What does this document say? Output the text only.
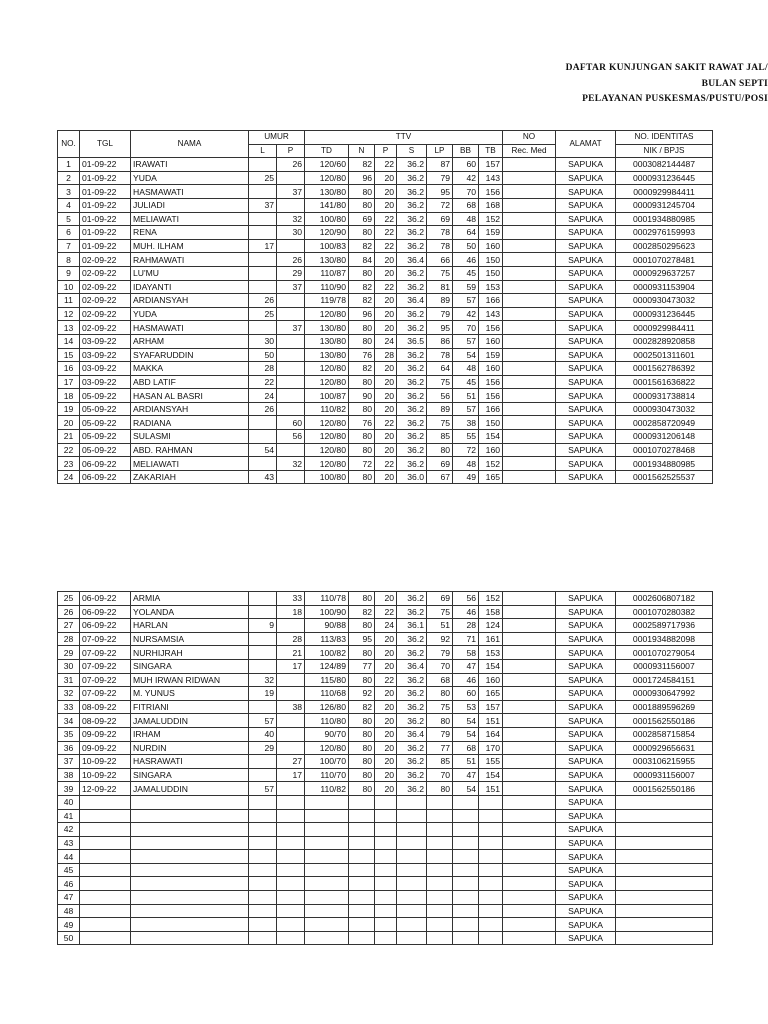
DAFTAR KUNJUNGAN SAKIT RAWAT JAL/
BULAN SEPTI
PELAYANAN PUSKESMAS/PUSTU/POSI
NO.	TGL	NAMA	UMUR		TTV							NO	ALAMAT	NO. IDENTITAS
			L	P	TD	N	P	S	LP	BB	TB	Rec. Med		NIK / BPJS
1	01-09-22	IRAWATI		26	120/60	82	22	36.2	87	60	157		SAPUKA	0003082144487
2	01-09-22	YUDA	25		120/80	96	20	36.2	79	42	143		SAPUKA	0000931236445
3	01-09-22	HASMAWATI		37	130/80	80	20	36.2	95	70	156		SAPUKA	0000929984411
4	01-09-22	JULIADI	37		141/80	80	20	36.2	72	68	168		SAPUKA	0000931245704
5	01-09-22	MELIAWATI		32	100/80	69	22	36.2	69	48	152		SAPUKA	0001934880985
6	01-09-22	RENA		30	120/90	80	22	36.2	78	64	159		SAPUKA	0002976159993
7	01-09-22	MUH. ILHAM	17		100/83	82	22	36.2	78	50	160		SAPUKA	0002850295623
8	02-09-22	RAHMAWATI		26	130/80	84	20	36.4	66	46	150		SAPUKA	0001070278481
9	02-09-22	LU'MU		29	110/87	80	20	36.2	75	45	150		SAPUKA	0000929637257
10	02-09-22	IDAYANTI		37	110/90	82	22	36.2	81	59	153		SAPUKA	0000931153904
11	02-09-22	ARDIANSYAH	26		119/78	82	20	36.4	89	57	166		SAPUKA	0000930473032
12	02-09-22	YUDA	25		120/80	96	20	36.2	79	42	143		SAPUKA	0000931236445
13	02-09-22	HASMAWATI		37	130/80	80	20	36.2	95	70	156		SAPUKA	0000929984411
14	03-09-22	ARHAM	30		130/80	80	24	36.5	86	57	160		SAPUKA	0002828920858
15	03-09-22	SYAFARUDDIN	50		130/80	76	28	36.2	78	54	159		SAPUKA	0002501311601
16	03-09-22	MAKKA	28		120/80	82	20	36.2	64	48	160		SAPUKA	0001562786392
17	03-09-22	ABD LATIF	22		120/80	80	20	36.2	75	45	156		SAPUKA	0001561636822
18	05-09-22	HASAN AL BASRI	24		100/87	90	20	36.2	56	51	156		SAPUKA	0000931738814
19	05-09-22	ARDIANSYAH	26		110/82	80	20	36.2	89	57	166		SAPUKA	0000930473032
20	05-09-22	RADIANA		60	120/80	76	22	36.2	75	38	150		SAPUKA	0002858720949
21	05-09-22	SULASMI		56	120/80	80	20	36.2	85	55	154		SAPUKA	0000931206148
22	05-09-22	ABD. RAHMAN	54		120/80	80	20	36.2	80	72	160		SAPUKA	0001070278468
23	06-09-22	MELIAWATI		32	120/80	72	22	36.2	69	48	152		SAPUKA	0001934880985
24	06-09-22	ZAKARIAH	43		100/80	80	20	36.0	67	49	165		SAPUKA	0001562525537
25	06-09-22	ARMIA		33	110/78	80	20	36.2	69	56	152		SAPUKA	0002606807182
26	06-09-22	YOLANDA		18	100/90	82	22	36.2	75	46	158		SAPUKA	0001070280382
27	06-09-22	HARLAN	9		90/88	80	24	36.1	51	28	124		SAPUKA	0002589717936
28	07-09-22	NURSAMSIA		28	113/83	95	20	36.2	92	71	161		SAPUKA	0001934882098
29	07-09-22	NURHIJRAH		21	100/82	80	20	36.2	79	58	153		SAPUKA	0001070279054
30	07-09-22	SINGARA		17	124/89	77	20	36.4	70	47	154		SAPUKA	0000931156007
31	07-09-22	MUH IRWAN RIDWAN	32		115/80	80	22	36.2	68	46	160		SAPUKA	0001724584151
32	07-09-22	M. YUNUS	19		110/68	92	20	36.2	80	60	165		SAPUKA	0000930647992
33	08-09-22	FITRIANI		38	126/80	82	20	36.2	75	53	157		SAPUKA	0001889596269
34	08-09-22	JAMALUDDIN	57		110/80	80	20	36.2	80	54	151		SAPUKA	0001562550186
35	09-09-22	IRHAM	40		90/70	80	20	36.4	79	54	164		SAPUKA	0002858715854
36	09-09-22	NURDIN	29		120/80	80	20	36.2	77	68	170		SAPUKA	0000929656631
37	10-09-22	HASRAWATI		27	100/70	80	20	36.2	85	51	155		SAPUKA	0003106215955
38	10-09-22	SINGARA		17	110/70	80	20	36.2	70	47	154		SAPUKA	0000931156007
39	12-09-22	JAMALUDDIN	57		110/82	80	20	36.2	80	54	151		SAPUKA	0001562550186
40													SAPUKA	
41													SAPUKA	
42													SAPUKA	
43													SAPUKA	
44													SAPUKA	
45													SAPUKA	
46													SAPUKA	
47													SAPUKA	
48													SAPUKA	
49													SAPUKA	
50													SAPUKA	
